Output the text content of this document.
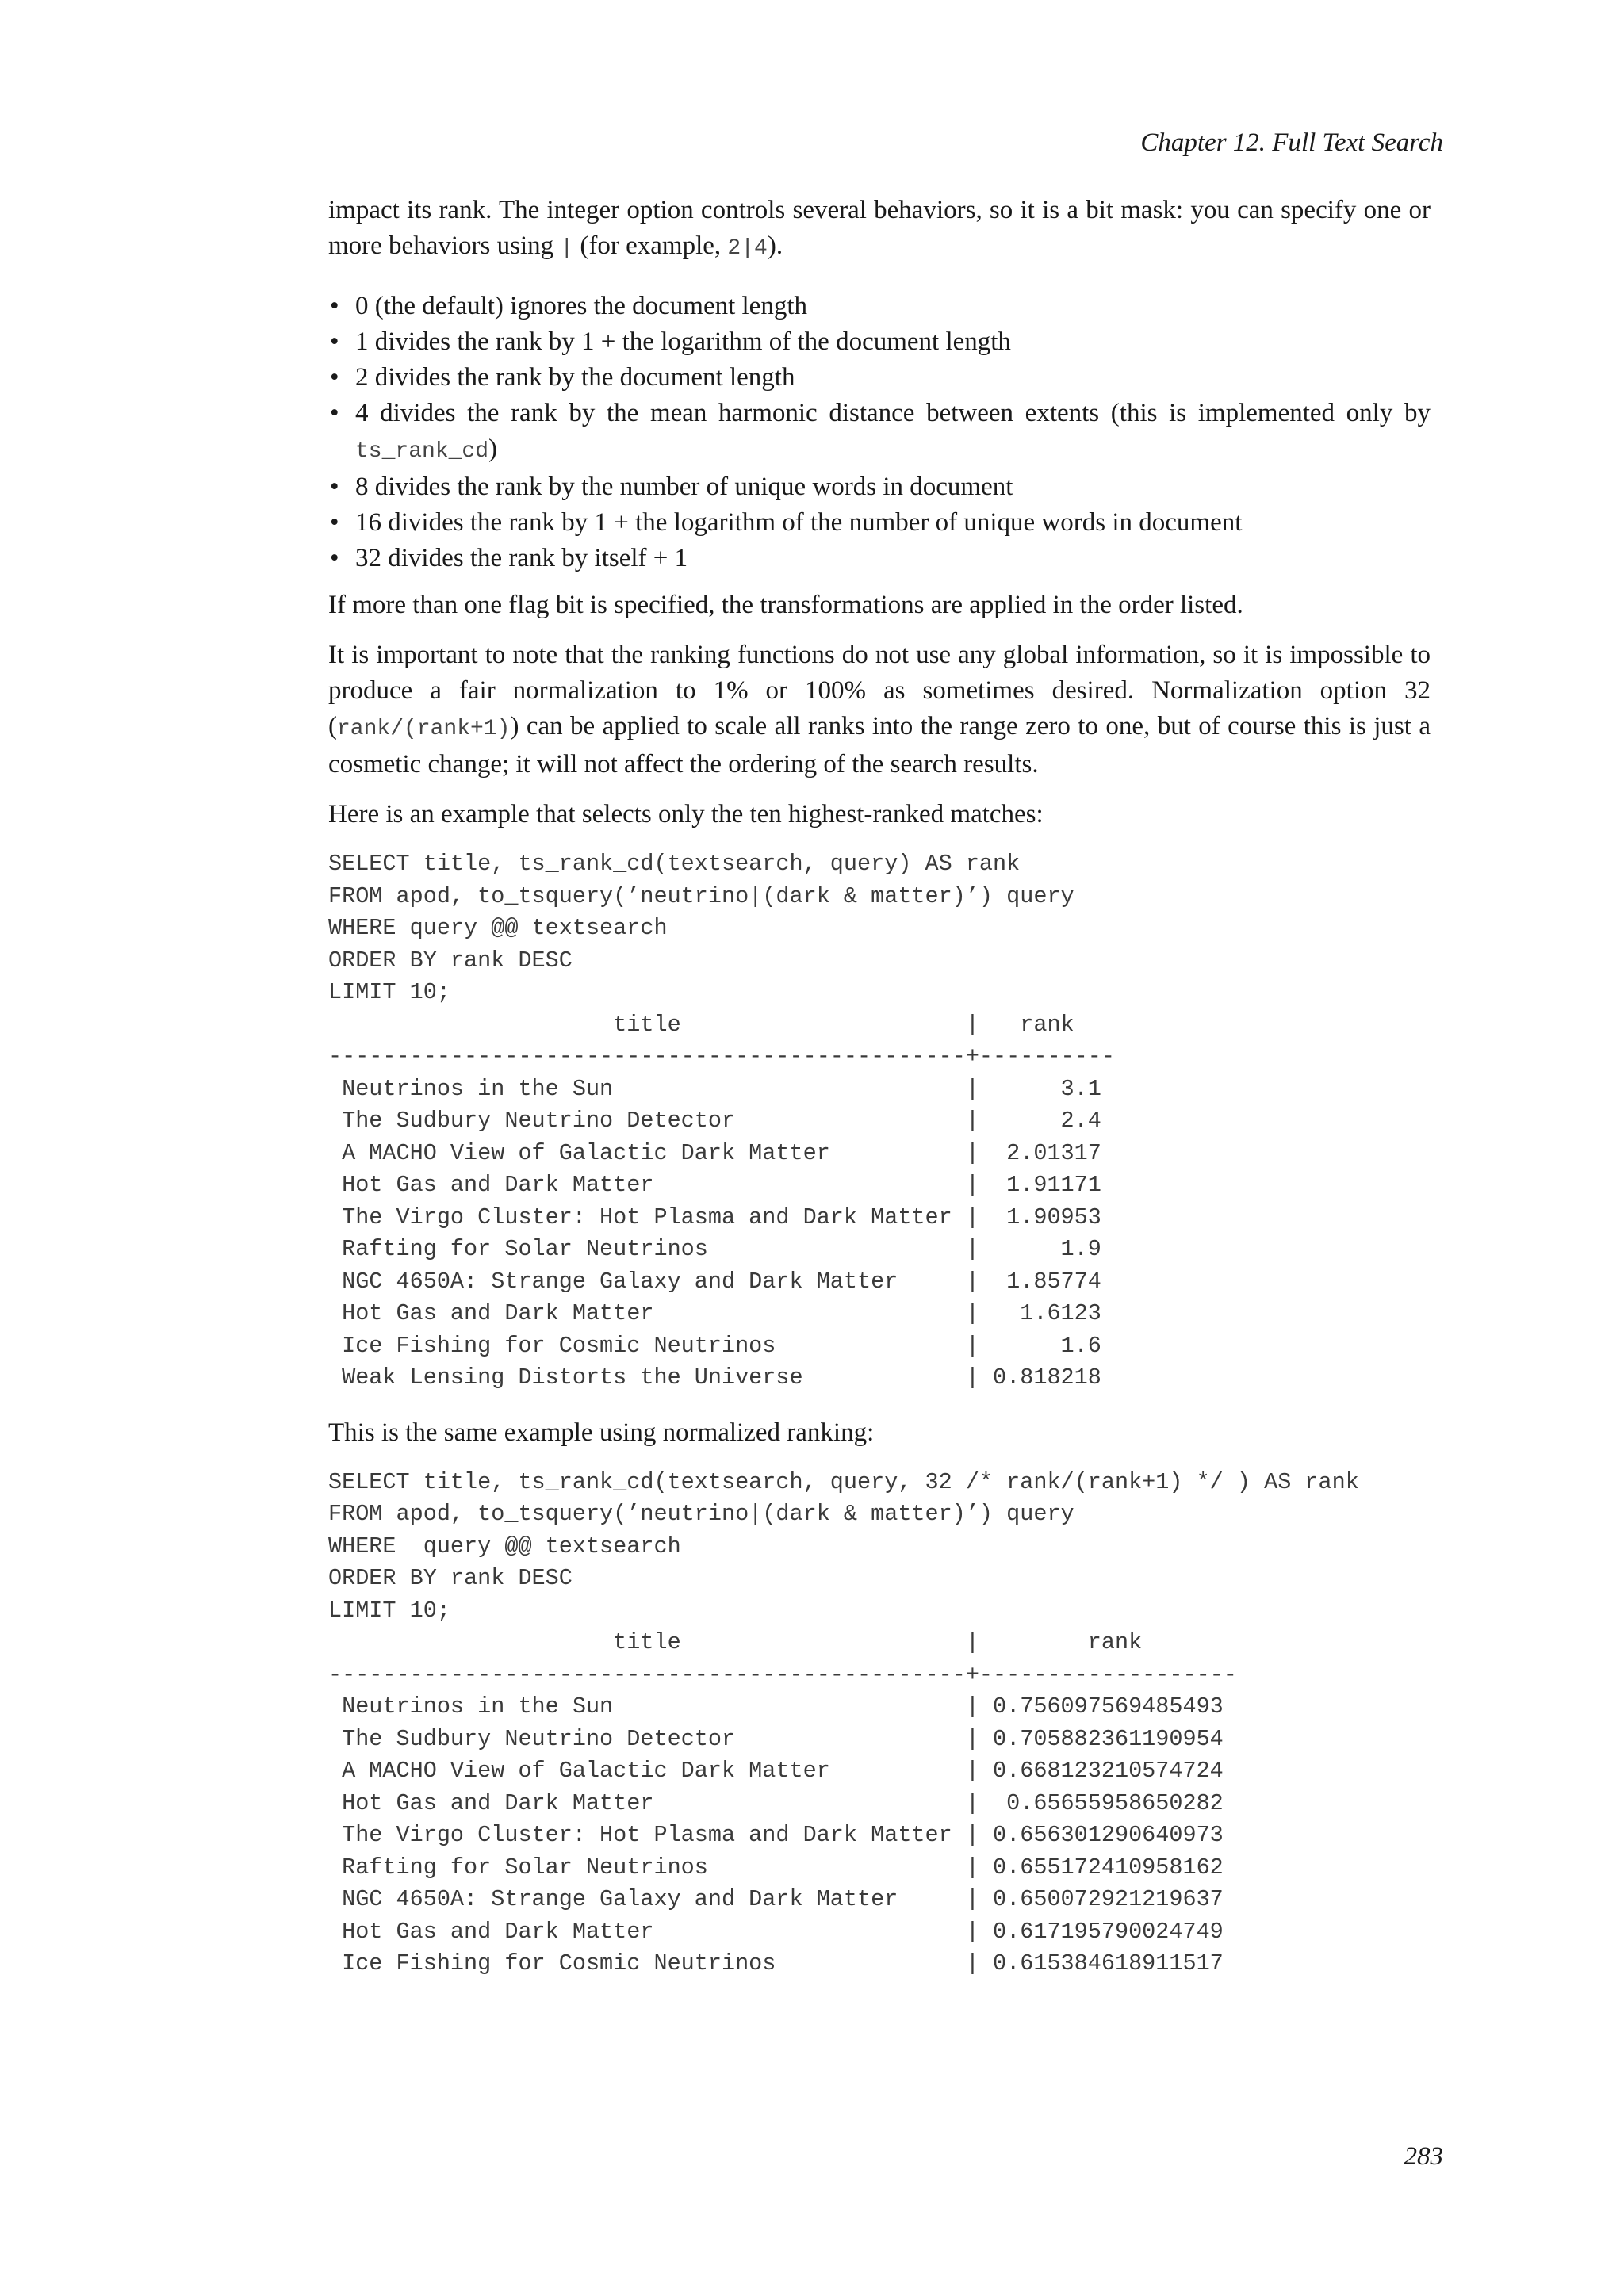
Chapter 12. Full Text Search

impact its rank. The integer option controls several behaviors, so it is a bit mask: you can specify one or more behaviors using | (for example, 2|4).

• 0 (the default) ignores the document length
• 1 divides the rank by 1 + the logarithm of the document length
• 2 divides the rank by the document length
• 4 divides the rank by the mean harmonic distance between extents (this is implemented only by ts_rank_cd)
• 8 divides the rank by the number of unique words in document
• 16 divides the rank by 1 + the logarithm of the number of unique words in document
• 32 divides the rank by itself + 1

If more than one flag bit is specified, the transformations are applied in the order listed.

It is important to note that the ranking functions do not use any global information, so it is impossible to produce a fair normalization to 1% or 100% as sometimes desired. Normalization option 32 (rank/(rank+1)) can be applied to scale all ranks into the range zero to one, but of course this is just a cosmetic change; it will not affect the ordering of the search results.

Here is an example that selects only the ten highest-ranked matches:

SELECT title, ts_rank_cd(textsearch, query) AS rank
FROM apod, to_tsquery(’neutrino|(dark & matter)’) query
WHERE query @@ textsearch
ORDER BY rank DESC
LIMIT 10;
title                     |   rank
-----------------------------------------------+----------
Neutrinos in the Sun                          |      3.1
The Sudbury Neutrino Detector                 |      2.4
A MACHO View of Galactic Dark Matter          |  2.01317
Hot Gas and Dark Matter                       |  1.91171
The Virgo Cluster: Hot Plasma and Dark Matter |  1.90953
Rafting for Solar Neutrinos                   |      1.9
NGC 4650A: Strange Galaxy and Dark Matter     |  1.85774
Hot Gas and Dark Matter                       |   1.6123
Ice Fishing for Cosmic Neutrinos              |      1.6
Weak Lensing Distorts the Universe            | 0.818218

This is the same example using normalized ranking:

SELECT title, ts_rank_cd(textsearch, query, 32 /* rank/(rank+1) */ ) AS rank
FROM apod, to_tsquery(’neutrino|(dark & matter)’) query
WHERE  query @@ textsearch
ORDER BY rank DESC
LIMIT 10;
title                     |        rank
-----------------------------------------------+-------------------
Neutrinos in the Sun                          | 0.756097569485493
The Sudbury Neutrino Detector                 | 0.705882361190954
A MACHO View of Galactic Dark Matter          | 0.668123210574724
Hot Gas and Dark Matter                       |  0.65655958650282
The Virgo Cluster: Hot Plasma and Dark Matter | 0.656301290640973
Rafting for Solar Neutrinos                   | 0.655172410958162
NGC 4650A: Strange Galaxy and Dark Matter     | 0.650072921219637
Hot Gas and Dark Matter                       | 0.617195790024749
Ice Fishing for Cosmic Neutrinos              | 0.615384618911517
283
